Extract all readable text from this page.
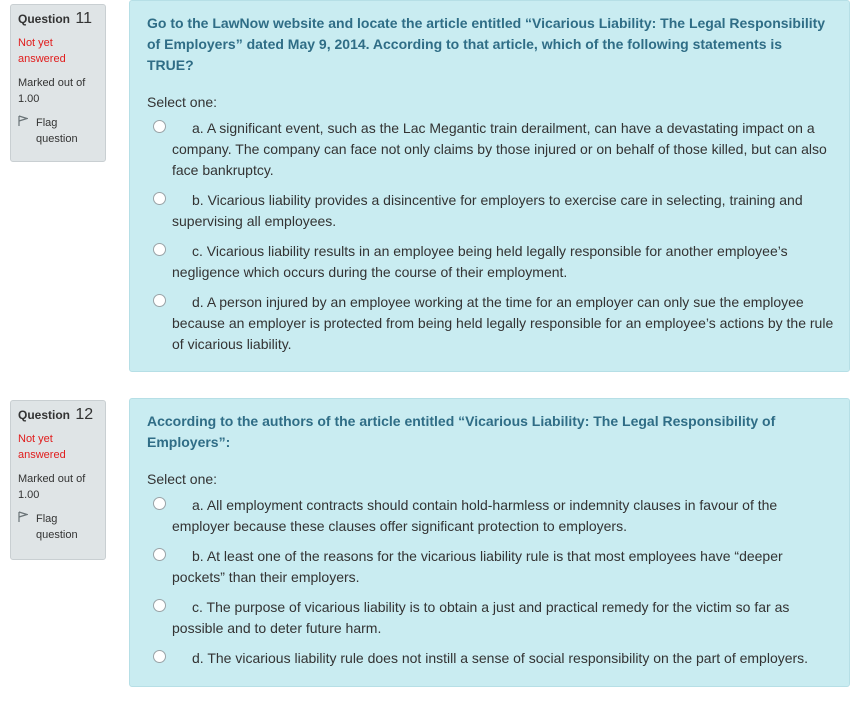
Question 11
Not yet answered
Marked out of
1.00
Flag question
Go to the LawNow website and locate the article entitled “Vicarious Liability: The Legal Responsibility of Employers” dated May 9, 2014. According to that article, which of the following statements is TRUE?
Select one:
a. A significant event, such as the Lac Megantic train derailment, can have a devastating impact on a company. The company can face not only claims by those injured or on behalf of those killed, but can also face bankruptcy.
b. Vicarious liability provides a disincentive for employers to exercise care in selecting, training and supervising all employees.
c. Vicarious liability results in an employee being held legally responsible for another employee’s negligence which occurs during the course of their employment.
d. A person injured by an employee working at the time for an employer can only sue the employee because an employer is protected from being held legally responsible for an employee’s actions by the rule of vicarious liability.
Question 12
Not yet answered
Marked out of
1.00
Flag question
According to the authors of the article entitled “Vicarious Liability: The Legal Responsibility of Employers”:
Select one:
a. All employment contracts should contain hold-harmless or indemnity clauses in favour of the employer because these clauses offer significant protection to employers.
b. At least one of the reasons for the vicarious liability rule is that most employees have “deeper pockets” than their employers.
c. The purpose of vicarious liability is to obtain a just and practical remedy for the victim so far as possible and to deter future harm.
d. The vicarious liability rule does not instill a sense of social responsibility on the part of employers.
